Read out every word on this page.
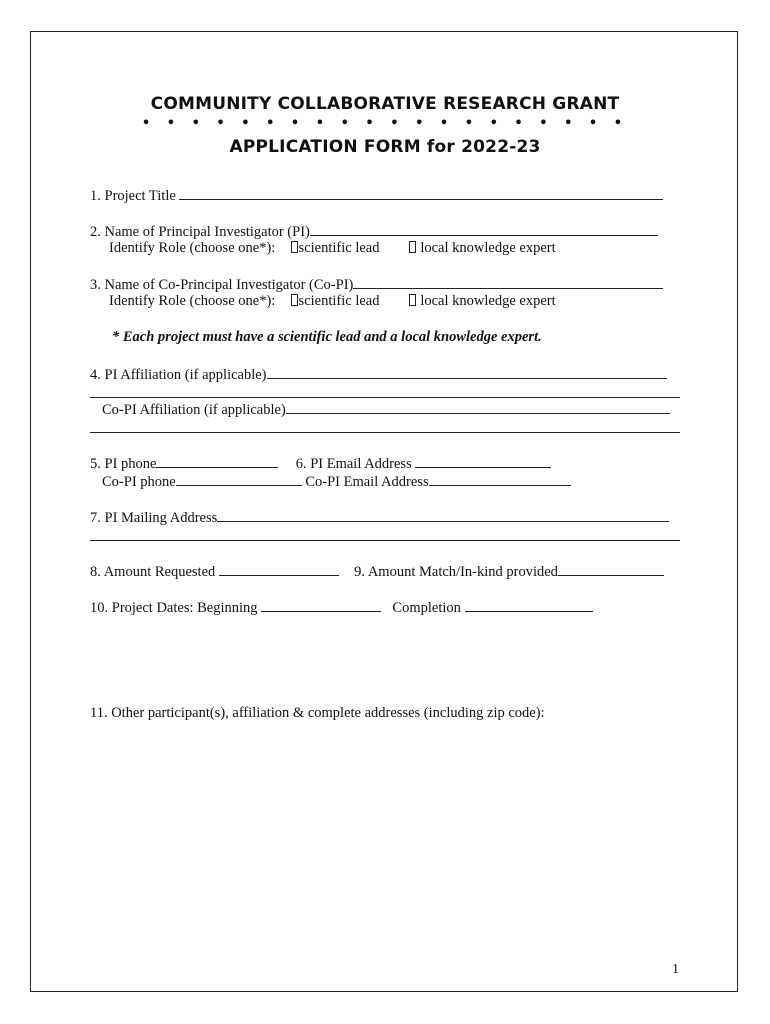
COMMUNITY COLLABORATIVE RESEARCH GRANT
• • • • • • • • • • • • • • • • • • • •
APPLICATION FORM for 2022-23
1. Project Title
2. Name of Principal Investigator (PI)
Identify Role (choose one*): scientific lead	local knowledge expert
3. Name of Co-Principal Investigator (Co-PI)
Identify Role (choose one*): scientific lead	local knowledge expert
* Each project must have a scientific lead and a local knowledge expert.
4. PI Affiliation (if applicable)
Co-PI Affiliation (if applicable)
5. PI phone	6. PI Email Address
Co-PI phone	Co-PI Email Address
7. PI Mailing Address
8. Amount Requested	9. Amount Match/In-kind provided
10. Project Dates: Beginning	Completion
11. Other participant(s), affiliation & complete addresses (including zip code):
1
